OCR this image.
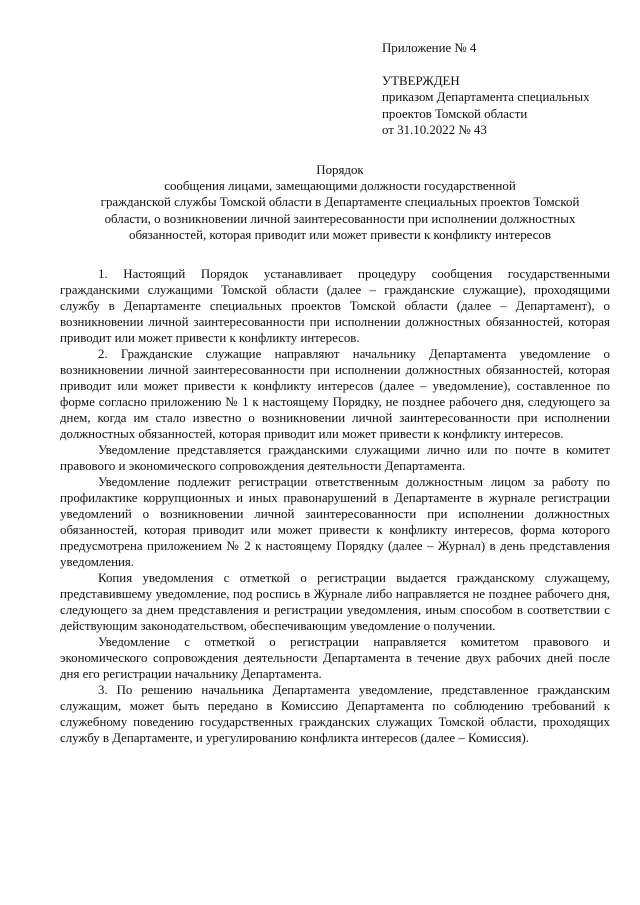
Приложение № 4
УТВЕРЖДЕН
приказом Департамента специальных
проектов Томской области
от 31.10.2022 № 43
Порядок
сообщения лицами, замещающими должности государственной
гражданской службы Томской области в Департаменте специальных проектов Томской
области, о возникновении личной заинтересованности при исполнении должностных
обязанностей, которая приводит или может привести к конфликту интересов

1. Настоящий Порядок устанавливает процедуру сообщения государственными гражданскими служащими Томской области (далее – гражданские служащие), проходящими службу в Департаменте специальных проектов Томской области (далее – Департамент), о возникновении личной заинтересованности при исполнении должностных обязанностей, которая приводит или может привести к конфликту интересов.

2. Гражданские служащие направляют начальнику Департамента уведомление о возникновении личной заинтересованности при исполнении должностных обязанностей, которая приводит или может привести к конфликту интересов (далее – уведомление), составленное по форме согласно приложению № 1 к настоящему Порядку, не позднее рабочего дня, следующего за днем, когда им стало известно о возникновении личной заинтересованности при исполнении должностных обязанностей, которая приводит или может привести к конфликту интересов.

Уведомление представляется гражданскими служащими лично или по почте в комитет правового и экономического сопровождения деятельности Департамента.

Уведомление подлежит регистрации ответственным должностным лицом за работу по профилактике коррупционных и иных правонарушений в Департаменте в журнале регистрации уведомлений о возникновении личной заинтересованности при исполнении должностных обязанностей, которая приводит или может привести к конфликту интересов, форма которого предусмотрена приложением № 2 к настоящему Порядку (далее – Журнал) в день представления уведомления.

Копия уведомления с отметкой о регистрации выдается гражданскому служащему, представившему уведомление, под роспись в Журнале либо направляется не позднее рабочего дня, следующего за днем представления и регистрации уведомления, иным способом в соответствии с действующим законодательством, обеспечивающим уведомление о получении.

Уведомление с отметкой о регистрации направляется комитетом правового и экономического сопровождения деятельности Департамента в течение двух рабочих дней после дня его регистрации начальнику Департамента.

3. По решению начальника Департамента уведомление, представленное гражданским служащим, может быть передано в Комиссию Департамента по соблюдению требований к служебному поведению государственных гражданских служащих Томской области, проходящих службу в Департаменте, и урегулированию конфликта интересов (далее – Комиссия).
